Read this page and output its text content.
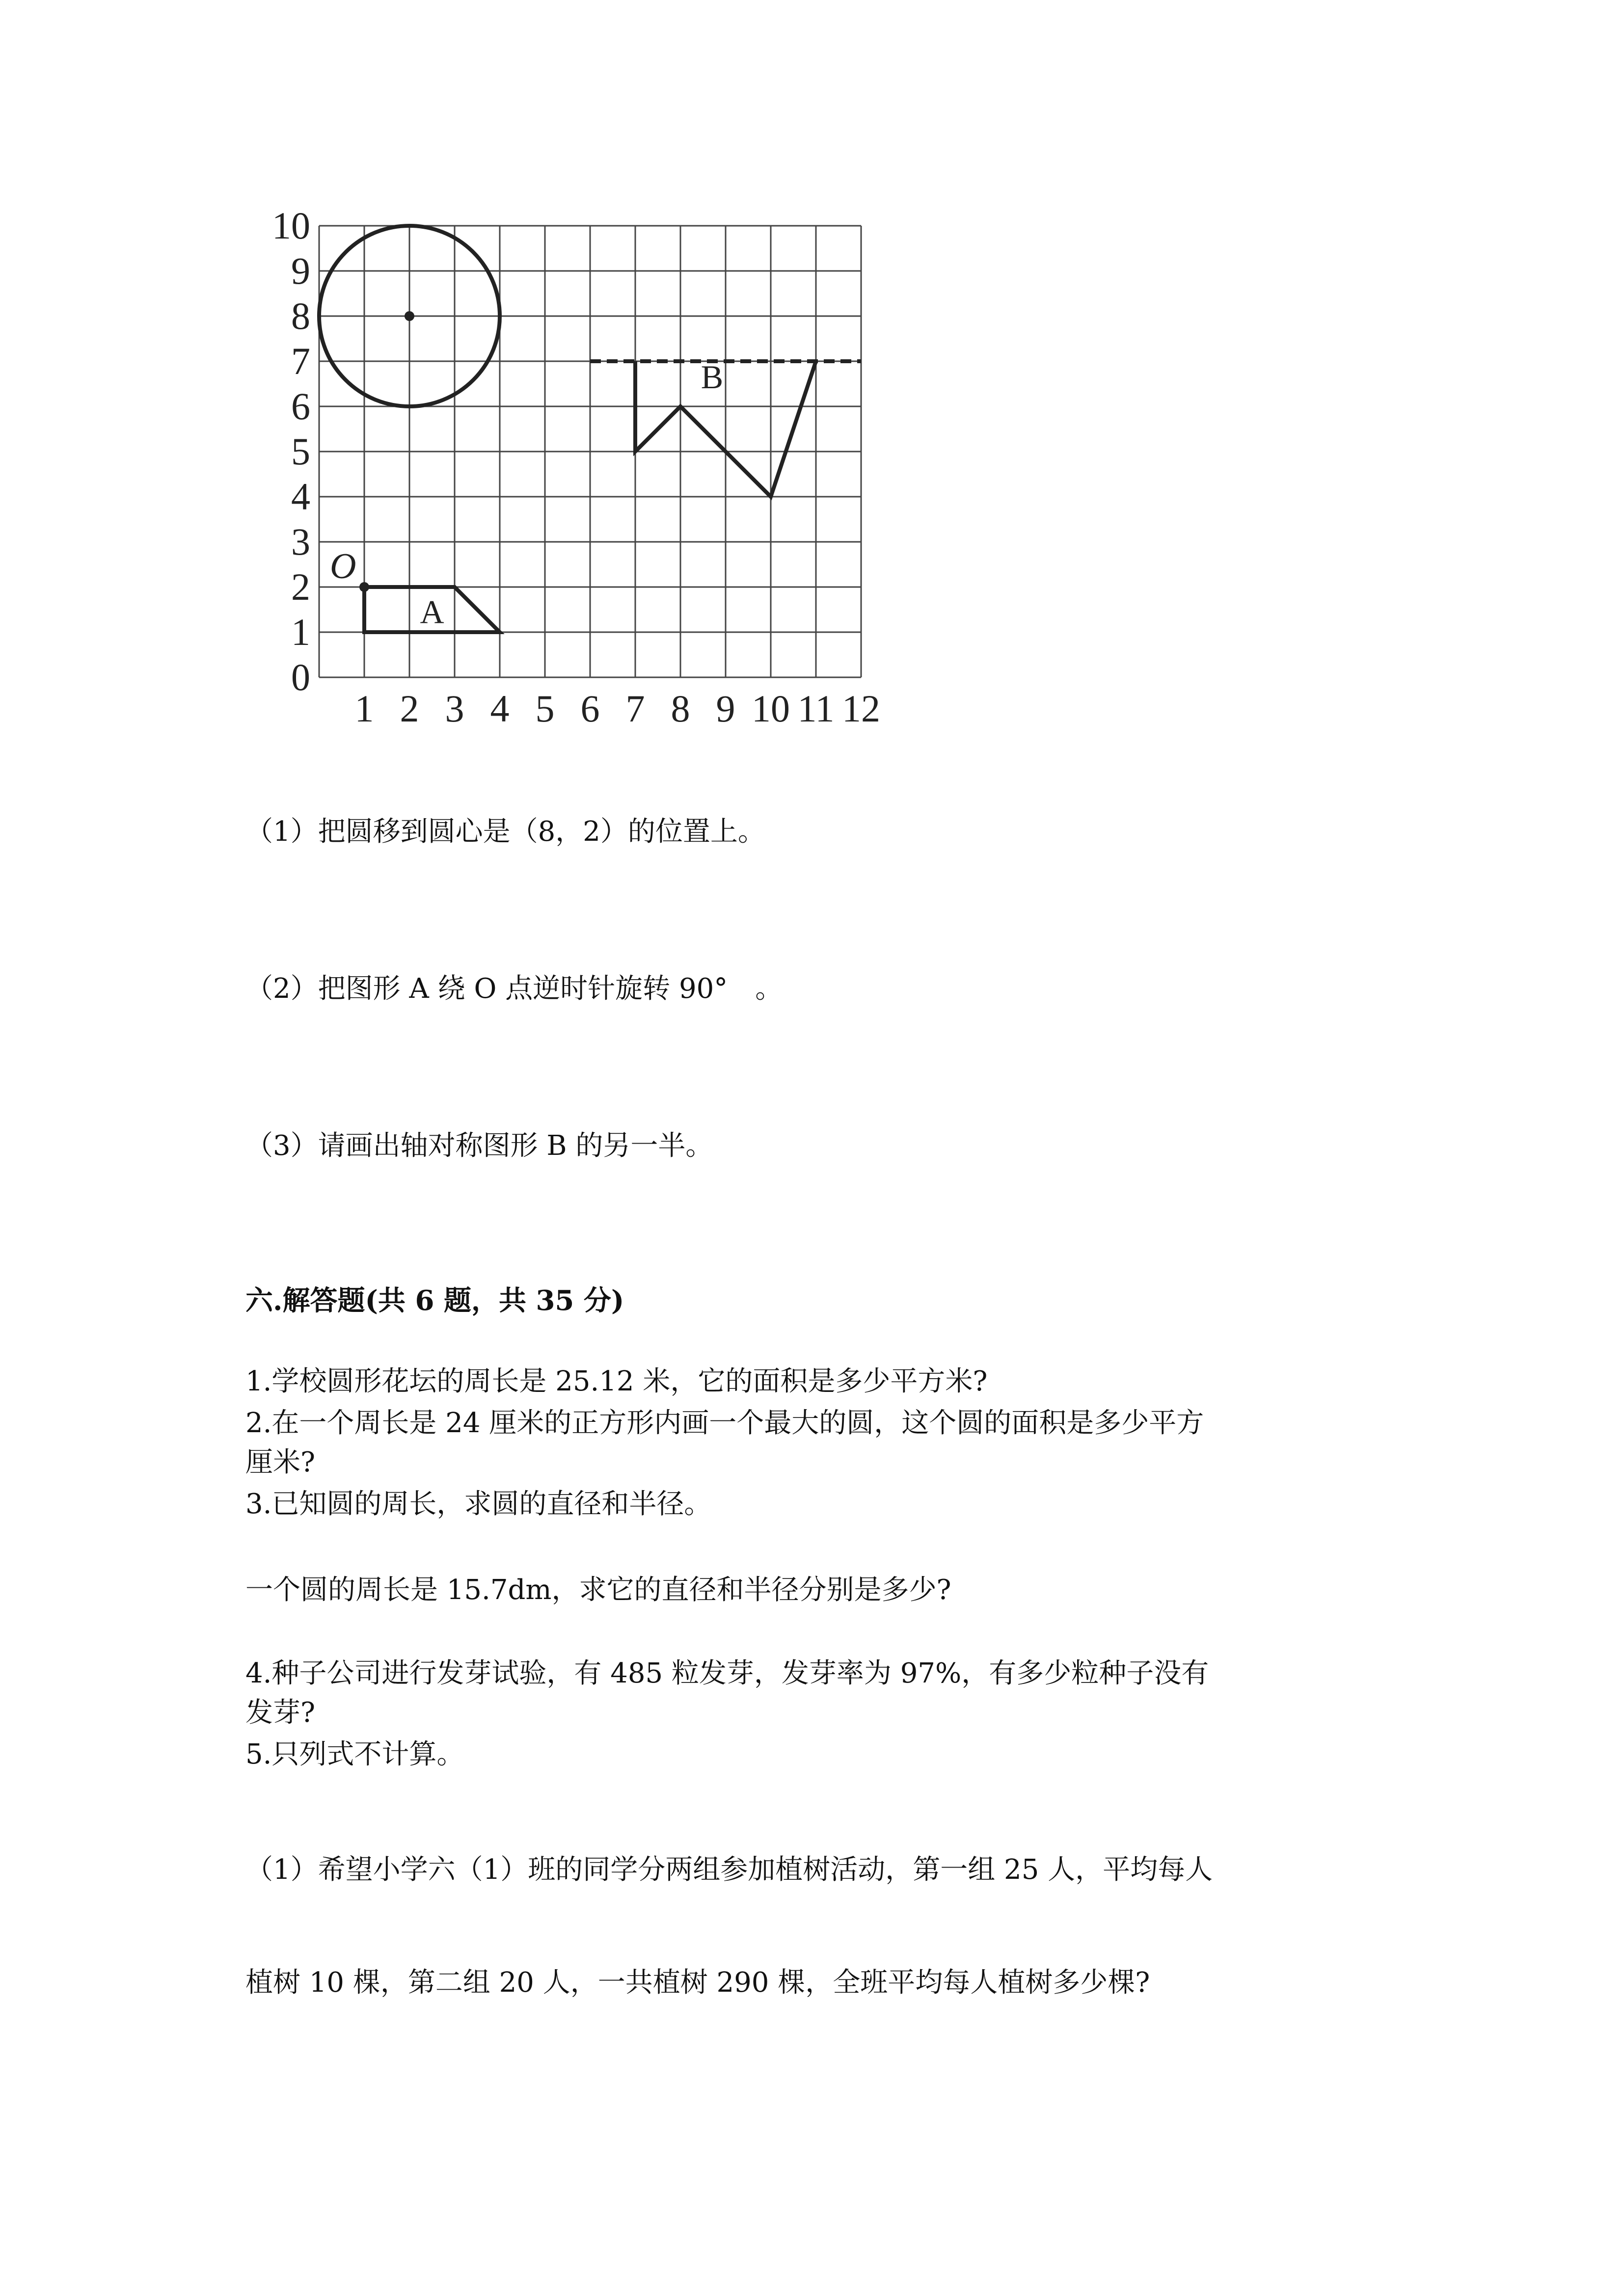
1 2 3 4 5 6 7 8 9 10 11 12
0
1
2
3
4
5
6
7
8
9
10
O
A
B
（1）把圆移到圆心是（8，2）的位置上。
（2）把图形 A 绕 O 点逆时针旋转 90°　。
（3）请画出轴对称图形 B 的另一半。
六.解答题(共 6 题，共 35 分)
1.学校圆形花坛的周长是 25.12 米，它的面积是多少平方米?
2.在一个周长是 24 厘米的正方形内画一个最大的圆，这个圆的面积是多少平方
厘米?
3.已知圆的周长，求圆的直径和半径。
一个圆的周长是 15.7dm，求它的直径和半径分别是多少?
4.种子公司进行发芽试验，有 485 粒发芽，发芽率为 97%，有多少粒种子没有
发芽?
5.只列式不计算。
（1）希望小学六（1）班的同学分两组参加植树活动，第一组 25 人，平均每人
植树 10 棵，第二组 20 人，一共植树 290 棵，全班平均每人植树多少棵?
